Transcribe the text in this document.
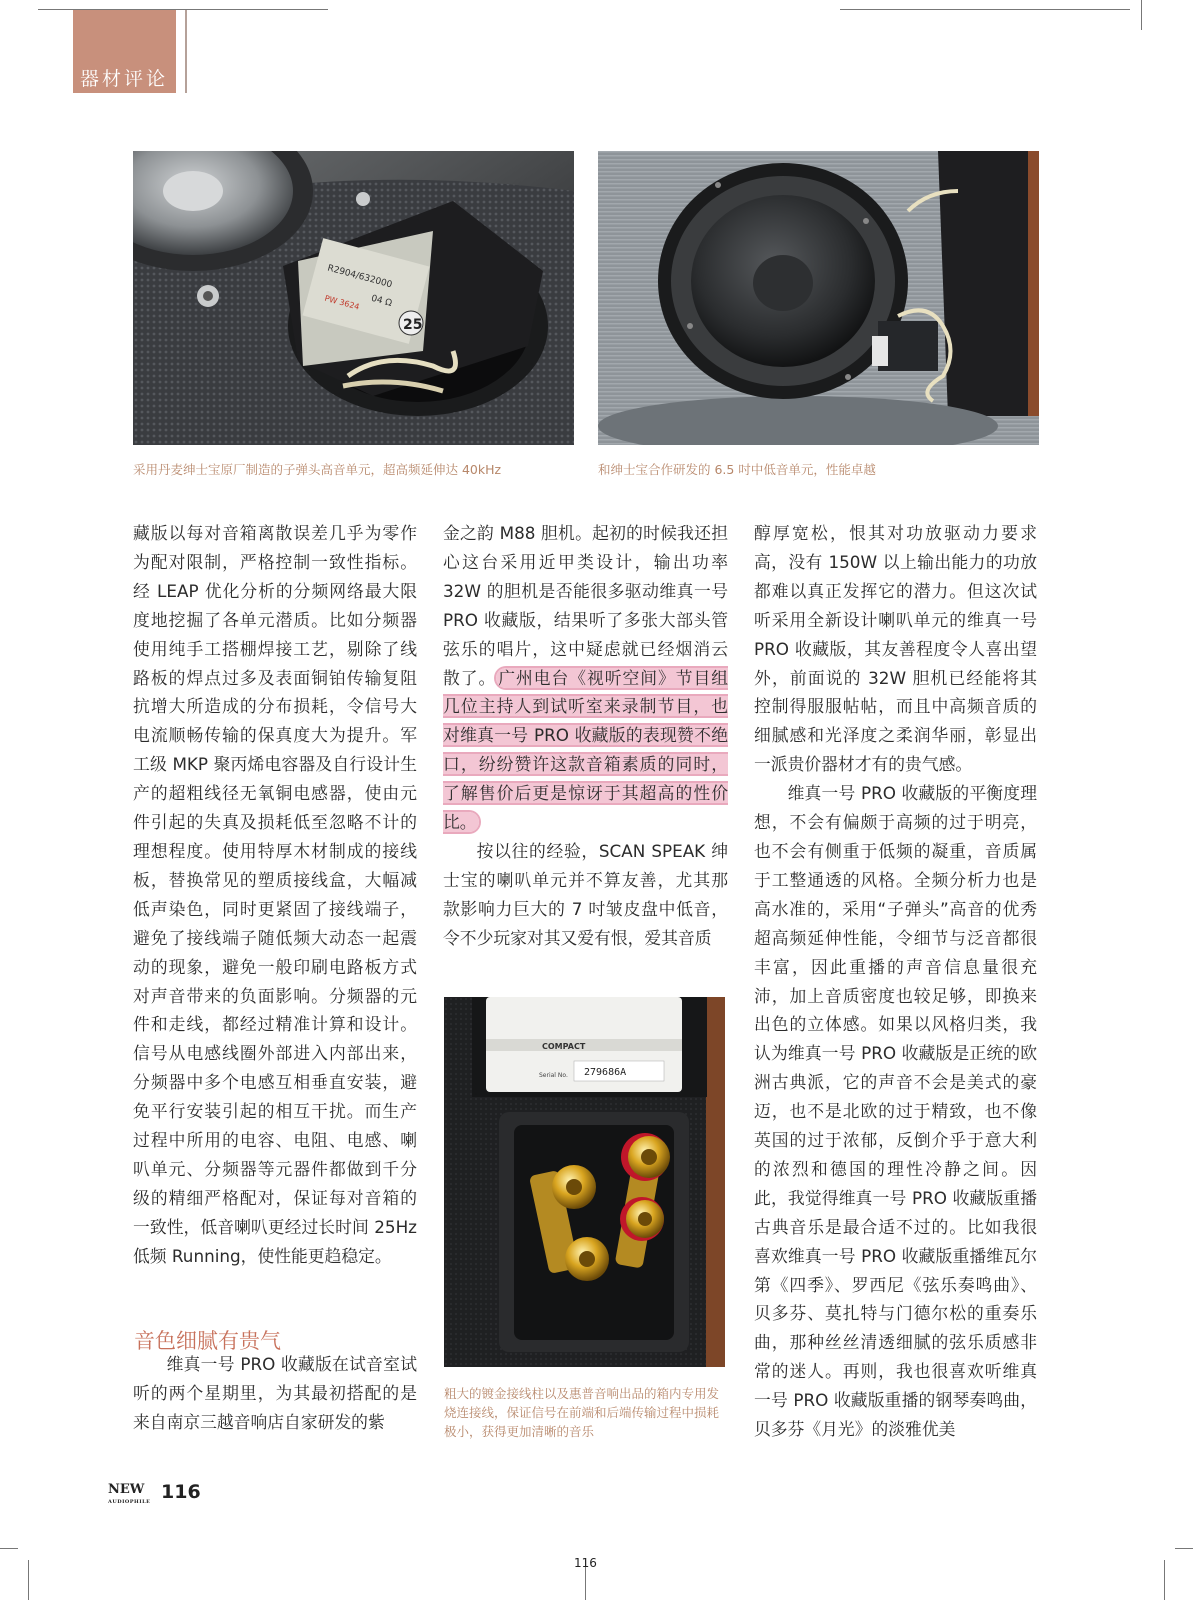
器材评论
R2904/632000
04 Ω
PW 3624
25
采用丹麦绅士宝原厂制造的子弹头高音单元，超高频延伸达 40kHz	和绅士宝合作研发的 6.5 吋中低音单元，性能卓越

藏版以每对音箱离散误差几乎为零作为配对限制，严格控制一致性指标。经 LEAP 优化分析的分频网络最大限度地挖掘了各单元潜质。比如分频器使用纯手工搭棚焊接工艺，剔除了线路板的焊点过多及表面铜铂传输复阻抗增大所造成的分布损耗，令信号大电流顺畅传输的保真度大为提升。军工级 MKP 聚丙烯电容器及自行设计生产的超粗线径无氧铜电感器，使由元件引起的失真及损耗低至忽略不计的理想程度。使用特厚木材制成的接线板，替换常见的塑质接线盒，大幅减低声染色，同时更紧固了接线端子，避免了接线端子随低频大动态一起震动的现象，避免一般印刷电路板方式对声音带来的负面影响。分频器的元件和走线，都经过精准计算和设计。信号从电感线圈外部进入内部出来，分频器中多个电感互相垂直安装，避免平行安装引起的相互干扰。而生产过程中所用的电容、电阻、电感、喇叭单元、分频器等元器件都做到千分级的精细严格配对，保证每对音箱的一致性，低音喇叭更经过长时间 25Hz 低频 Running，使性能更趋稳定。

音色细腻有贵气

维真一号 PRO 收藏版在试音室试听的两个星期里，为其最初搭配的是来自南京三越音响店自家研发的紫

金之韵 M88 胆机。起初的时候我还担心这台采用近甲类设计，输出功率 32W 的胆机是否能很多驱动维真一号 PRO 收藏版，结果听了多张大部头管弦乐的唱片，这中疑虑就已经烟消云散了。 广州电台《视听空间》节目组几位主持人到试听室来录制节目，也对维真一号 PRO 收藏版的表现赞不绝口，纷纷赞许这款音箱素质的同时，了解售价后更是惊讶于其超高的性价比。

按以往的经验，SCAN SPEAK 绅士宝的喇叭单元并不算友善，尤其那款影响力巨大的 7 吋皱皮盘中低音，令不少玩家对其又爱有恨，爱其音质

COMPACT
Serial No. 279686A
粗大的镀金接线柱以及惠普音响出品的箱内专用发烧连接线，保证信号在前端和后端传输过程中损耗极小，获得更加清晰的音乐

醇厚宽松，恨其对功放驱动力要求高，没有 150W 以上输出能力的功放都难以真正发挥它的潜力。但这次试听采用全新设计喇叭单元的维真一号 PRO 收藏版，其友善程度令人喜出望外，前面说的 32W 胆机已经能将其控制得服服帖帖，而且中高频音质的细腻感和光泽度之柔润华丽，彰显出一派贵价器材才有的贵气感。

维真一号 PRO 收藏版的平衡度理想，不会有偏颇于高频的过于明亮，也不会有侧重于低频的凝重，音质属于工整通透的风格。全频分析力也是高水准的，采用“子弹头”高音的优秀超高频延伸性能，令细节与泛音都很丰富，因此重播的声音信息量很充沛，加上音质密度也较足够，即换来出色的立体感。如果以风格归类，我认为维真一号 PRO 收藏版是正统的欧洲古典派，它的声音不会是美式的豪迈，也不是北欧的过于精致，也不像英国的过于浓郁，反倒介乎于意大利的浓烈和德国的理性冷静之间。因此，我觉得维真一号 PRO 收藏版重播古典音乐是最合适不过的。比如我很喜欢维真一号 PRO 收藏版重播维瓦尔第《四季》、罗西尼《弦乐奏鸣曲》、贝多芬、莫扎特与门德尔松的重奏乐曲，那种丝丝清透细腻的弦乐质感非常的迷人。再则，我也很喜欢听维真一号 PRO 收藏版重播的钢琴奏鸣曲，贝多芬《月光》的淡雅优美

NEW
AUDIOPHILE 116
116
